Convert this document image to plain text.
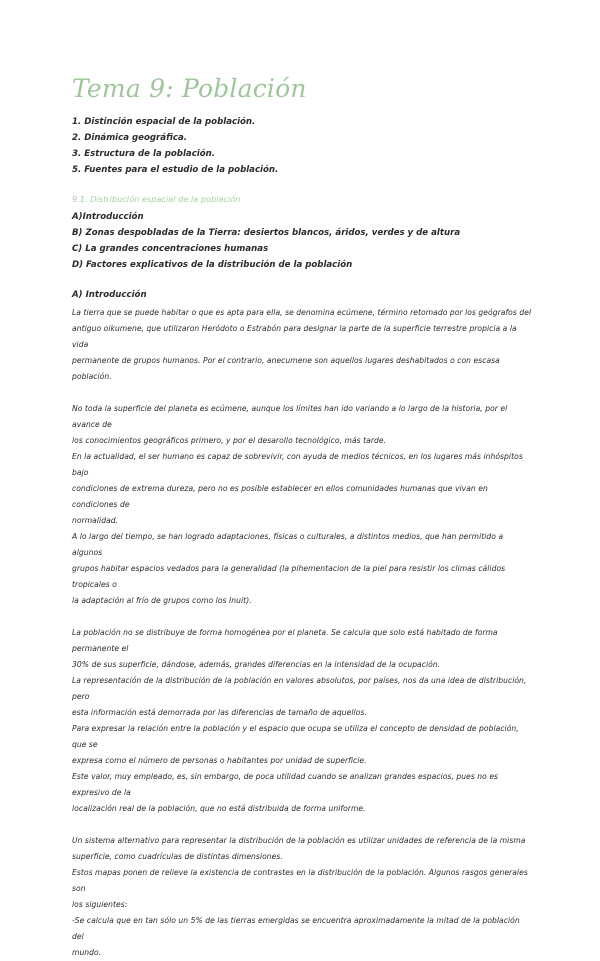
Tema 9: Población
1. Distinción espacial de la población.
2. Dinámica geográfica.
3. Estructura de la población.
5. Fuentes para el estudio de la población.
9.1. Distribución espacial de la población
A)Introducción
B) Zonas despobladas de la Tierra: desiertos blancos, áridos, verdes y de altura
C) La grandes concentraciones humanas
D) Factores explicativos de la distribución de la población
A) Introducción

La tierra que se puede habitar o que es apta para ella, se denomina ecúmene, término retomado por los geógrafos del

antiguo oikumene, que utilizaron Heródoto o Estrabón para designar la parte de la superficie terrestre propicia a la vida

permanente de grupos humanos. Por el contrario, anecumene son aquellos lugares deshabitados o con escasa población.

No toda la superficie del planeta es ecúmene, aunque los límites han ido variando a lo largo de la historia, por el avance de

los conocimientos geográficos primero, y por el desarollo tecnológico, más tarde.

En la actualidad, el ser humano es capaz de sobrevivir, con ayuda de medios técnicos, en los lugares más inhóspitos bajo

condiciones de extrema dureza, pero no es posible establecer en ellos comunidades humanas que vivan en condiciones de

normalidad.

A lo largo del tiempo, se han logrado adaptaciones, físicas o culturales, a distintos medios, que han permitido a algunos

grupos habitar espacios vedados para la generalidad (la pihementacion de la piel para resistir los climas cálidos tropicales o

la adaptación al frío de grupos como los Inuit).

La población no se distribuye de forma homogénea por el planeta. Se calcula que solo está habitado de forma permanente el

30% de sus superficie, dándose, además, grandes diferencias en la intensidad de la ocupación.

La representación de la distribución de la población en valores absolutos, por países, nos da una idea de distribución, pero

esta información está demorrada por las diferencias de tamaño de aquellos.

Para expresar la relación entre la población y el espacio que ocupa se utiliza el concepto de densidad de población, que se

expresa como el número de personas o habitantes por unidad de superficie.

Este valor, muy empleado, es, sin embargo, de poca utilidad cuando se analizan grandes espacios, pues no es expresivo de la

localización real de la población, que no está distribuida de forma uniforme.

Un sistema alternativo para representar la distribución de la población es utilizar unidades de referencia de la misma

superficie, como cuadrículas de distintas dimensiones.

Estos mapas ponen de relieve la existencia de contrastes en la distribución de la población. Algunos rasgos generales son

los siguientes:

-Se calcula que en tan sólo un 5% de las tierras emergidas se encuentra aproximadamente la mitad de la población del

mundo.
